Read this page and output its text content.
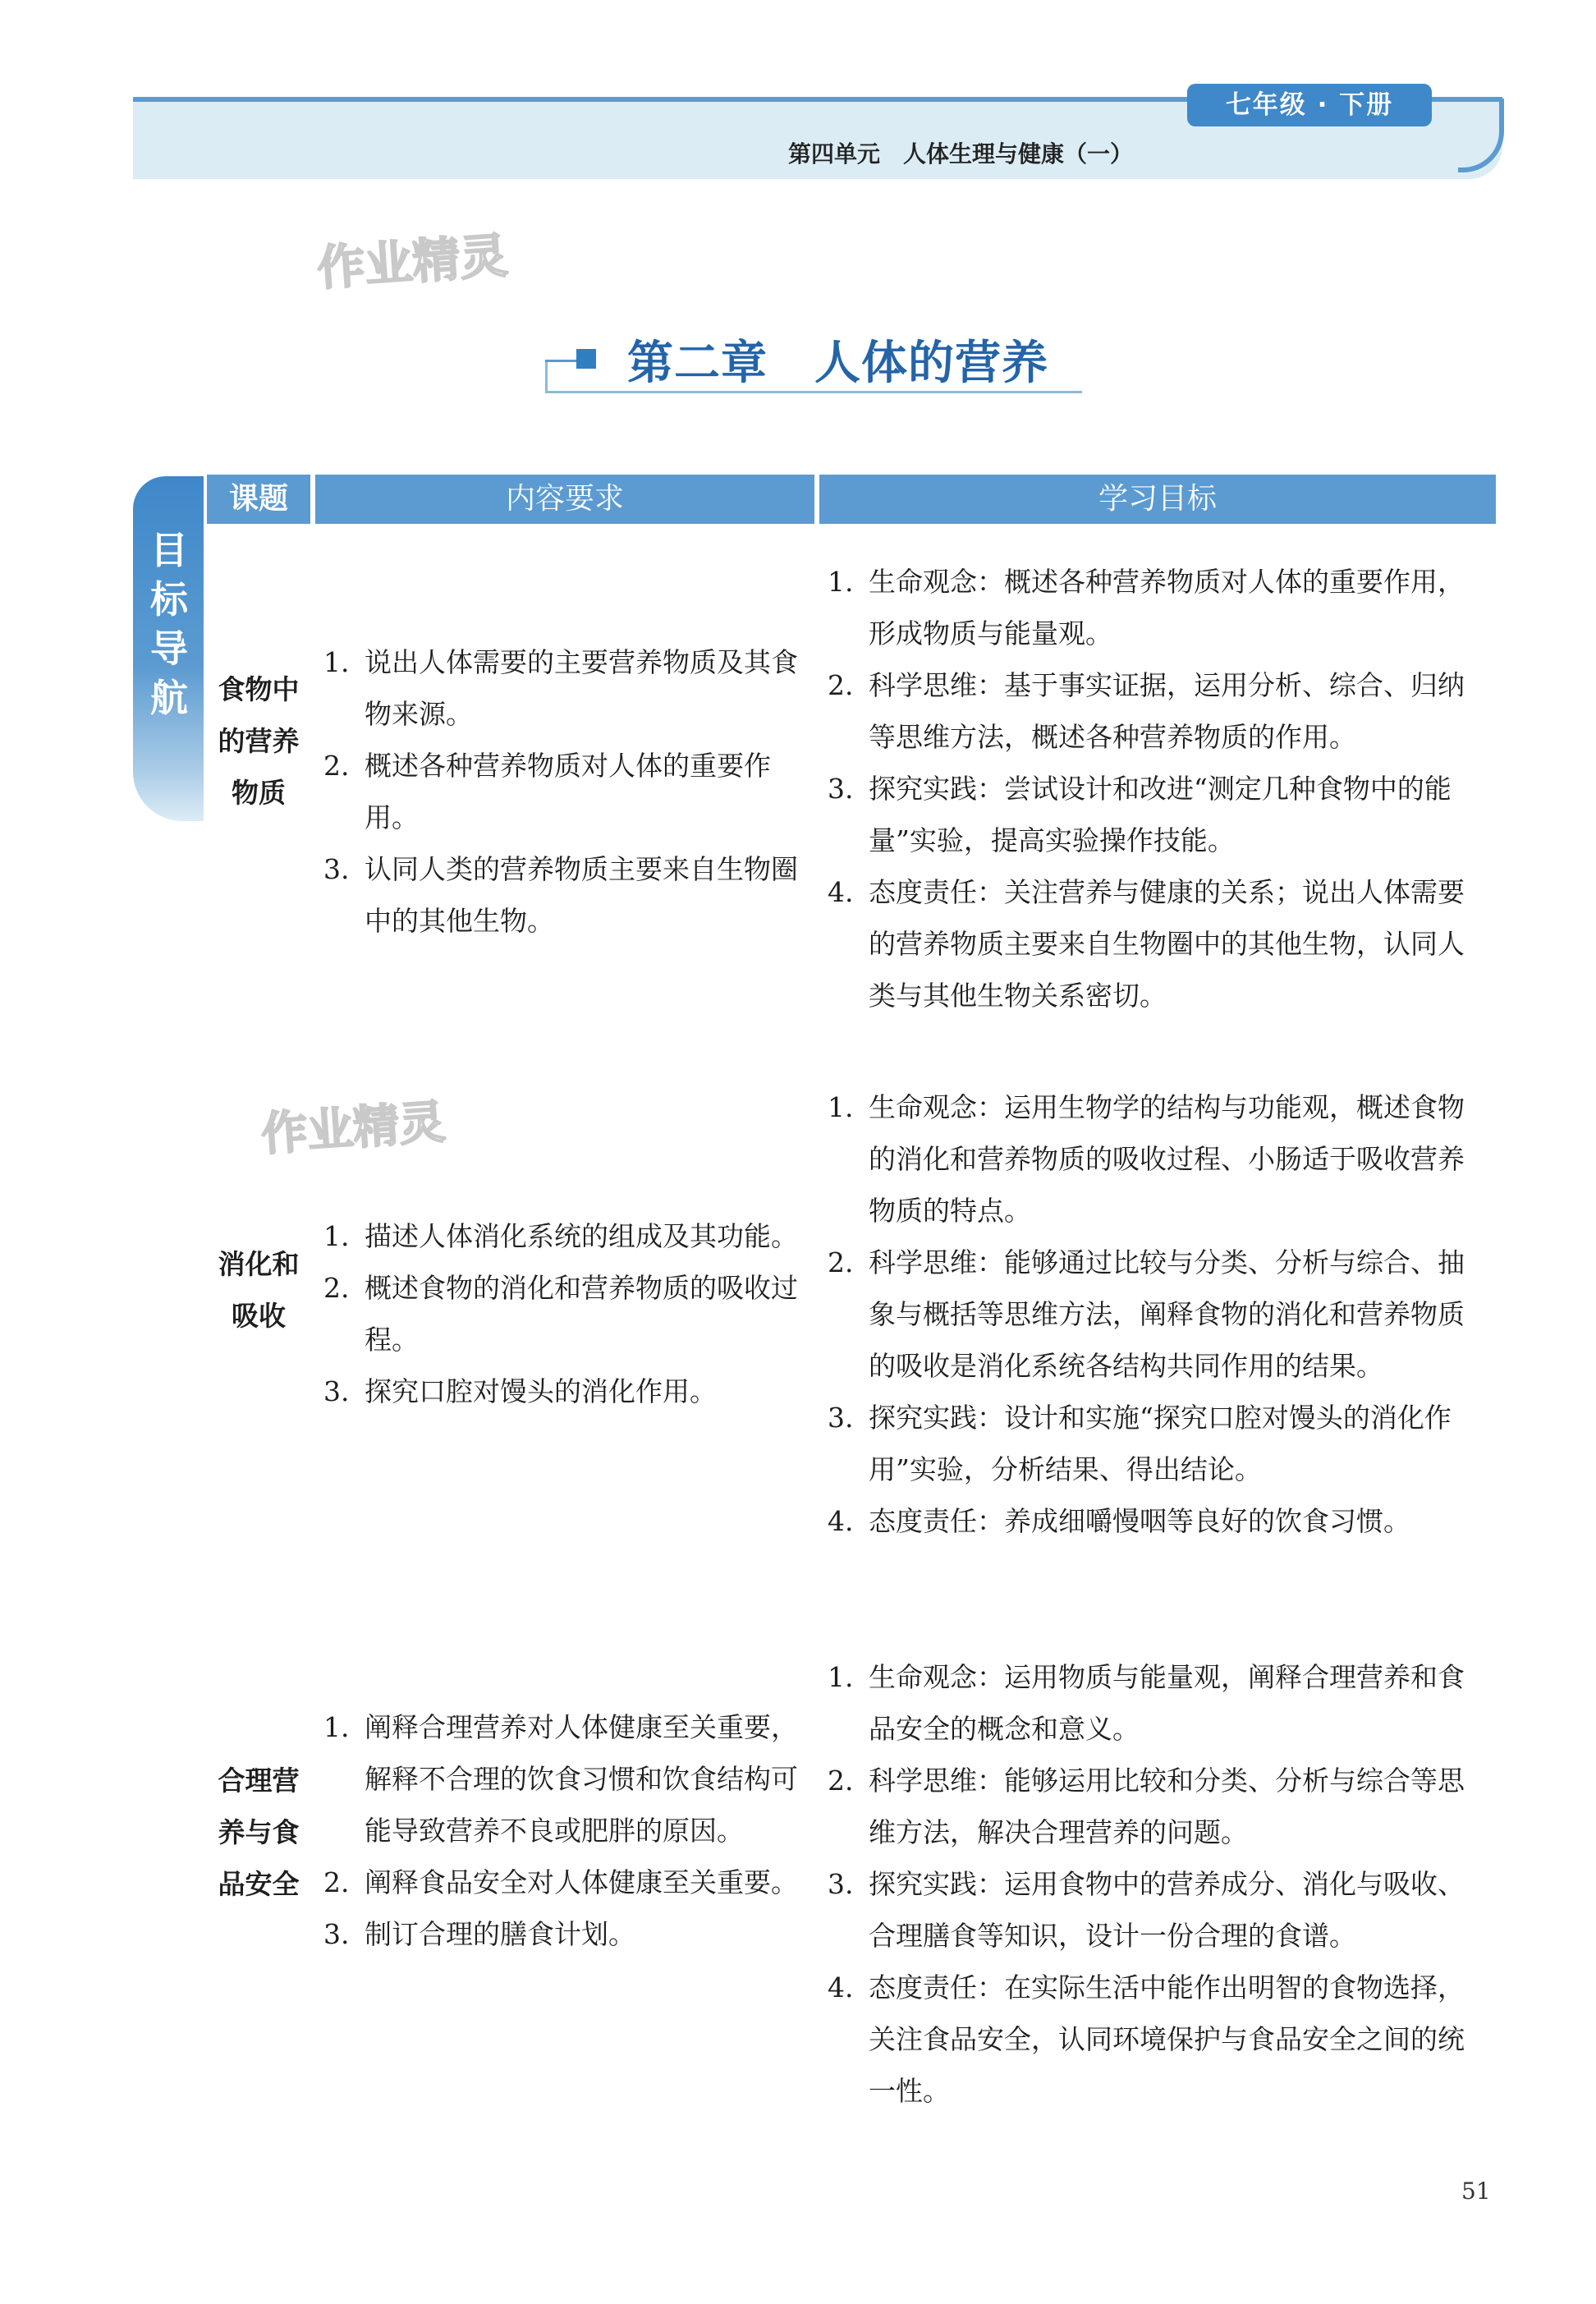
七年级 · 下册
第四单元　人体生理与健康（一）
作业精灵
作业精灵
第二章　人体的营养
目标导航
课题	内容要求	学习目标
食物中的营养物质
1. 说出人体需要的主要营养物质及其食物来源。
2. 概述各种营养物质对人体的重要作用。
3. 认同人类的营养物质主要来自生物圈中的其他生物。
1. 生命观念：概述各种营养物质对人体的重要作用，形成物质与能量观。
2. 科学思维：基于事实证据，运用分析、综合、归纳等思维方法，概述各种营养物质的作用。
3. 探究实践：尝试设计和改进“测定几种食物中的能量”实验，提高实验操作技能。
4. 态度责任：关注营养与健康的关系；说出人体需要的营养物质主要来自生物圈中的其他生物，认同人类与其他生物关系密切。
消化和吸收
1. 描述人体消化系统的组成及其功能。
2. 概述食物的消化和营养物质的吸收过程。
3. 探究口腔对馒头的消化作用。
1. 生命观念：运用生物学的结构与功能观，概述食物的消化和营养物质的吸收过程、小肠适于吸收营养物质的特点。
2. 科学思维：能够通过比较与分类、分析与综合、抽象与概括等思维方法，阐释食物的消化和营养物质的吸收是消化系统各结构共同作用的结果。
3. 探究实践：设计和实施“探究口腔对馒头的消化作用”实验，分析结果、得出结论。
4. 态度责任：养成细嚼慢咽等良好的饮食习惯。
合理营养与食品安全
1. 阐释合理营养对人体健康至关重要，解释不合理的饮食习惯和饮食结构可能导致营养不良或肥胖的原因。
2. 阐释食品安全对人体健康至关重要。
3. 制订合理的膳食计划。
1. 生命观念：运用物质与能量观，阐释合理营养和食品安全的概念和意义。
2. 科学思维：能够运用比较和分类、分析与综合等思维方法，解决合理营养的问题。
3. 探究实践：运用食物中的营养成分、消化与吸收、合理膳食等知识，设计一份合理的食谱。
4. 态度责任：在实际生活中能作出明智的食物选择，关注食品安全，认同环境保护与食品安全之间的统一性。
51
